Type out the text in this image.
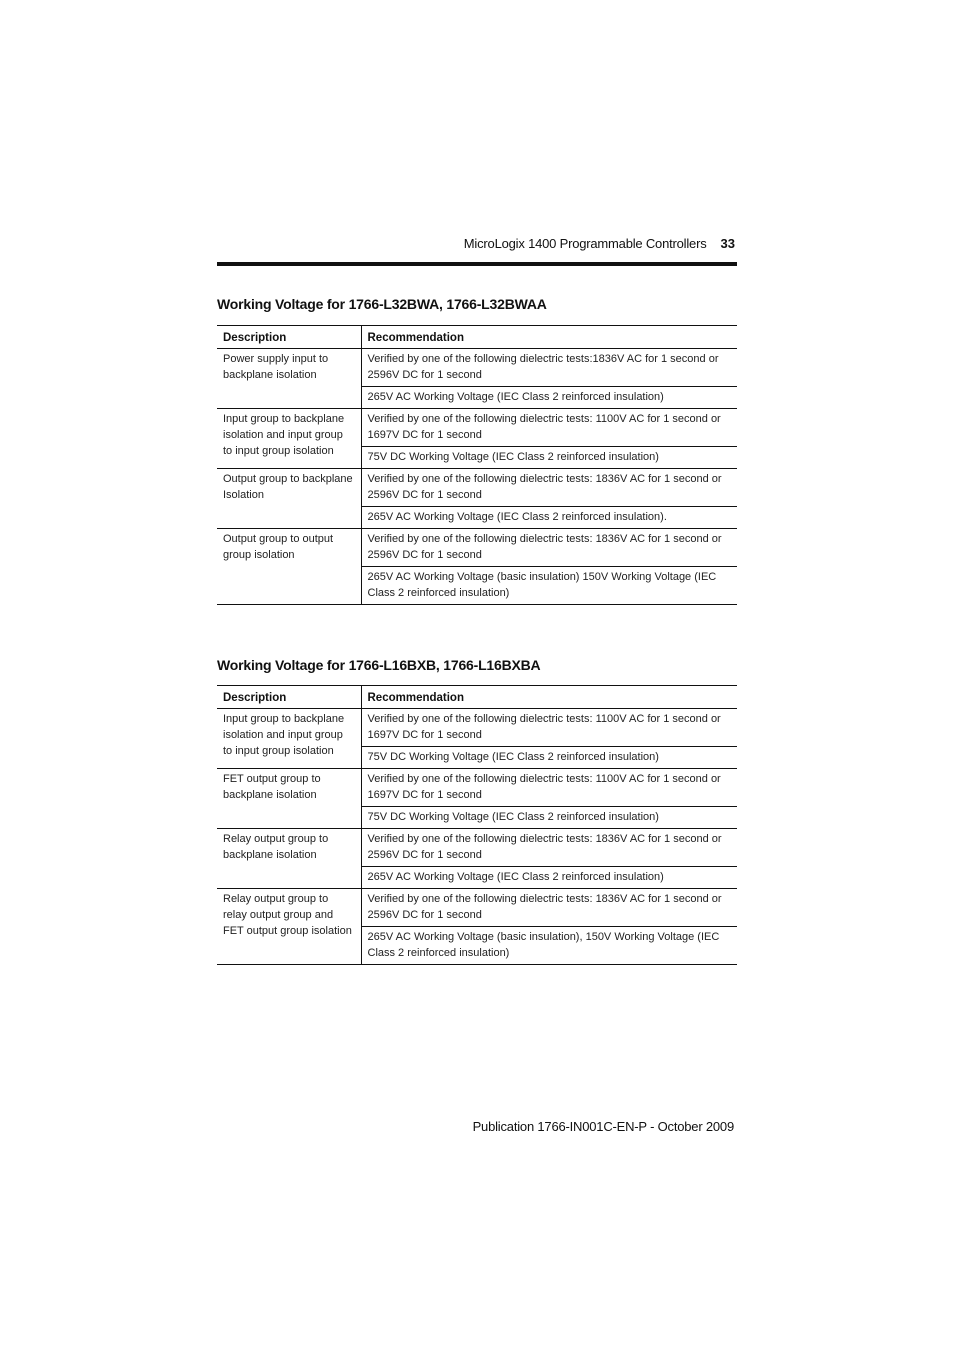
MicroLogix 1400 Programmable Controllers 33
Working Voltage for 1766-L32BWA, 1766-L32BWAA
Description	Recommendation
Power supply input to backplane isolation	Verified by one of the following dielectric tests:1836V AC for 1 second or 2596V DC for 1 second
	265V AC Working Voltage (IEC Class 2 reinforced insulation)
Input group to backplane isolation and input group to input group isolation	Verified by one of the following dielectric tests: 1100V AC for 1 second or 1697V DC for 1 second
	75V DC Working Voltage (IEC Class 2 reinforced insulation)
Output group to backplane Isolation	Verified by one of the following dielectric tests: 1836V AC for 1 second or 2596V DC for 1 second
	265V AC Working Voltage (IEC Class 2 reinforced insulation).
Output group to output group isolation	Verified by one of the following dielectric tests: 1836V AC for 1 second or 2596V DC for 1 second
	265V AC Working Voltage (basic insulation) 150V Working Voltage (IEC Class 2 reinforced insulation)
Working Voltage for 1766-L16BXB, 1766-L16BXBA
Description	Recommendation
Input group to backplane isolation and input group to input group isolation	Verified by one of the following dielectric tests: 1100V AC for 1 second or 1697V DC for 1 second
	75V DC Working Voltage (IEC Class 2 reinforced insulation)
FET output group to backplane isolation	Verified by one of the following dielectric tests: 1100V AC for 1 second or 1697V DC for 1 second
	75V DC Working Voltage (IEC Class 2 reinforced insulation)
Relay output group to backplane isolation	Verified by one of the following dielectric tests: 1836V AC for 1 second or 2596V DC for 1 second
	265V AC Working Voltage (IEC Class 2 reinforced insulation)
Relay output group to relay output group and FET output group isolation	Verified by one of the following dielectric tests: 1836V AC for 1 second or 2596V DC for 1 second
	265V AC Working Voltage (basic insulation), 150V Working Voltage (IEC Class 2 reinforced insulation)
Publication 1766-IN001C-EN-P - October 2009
